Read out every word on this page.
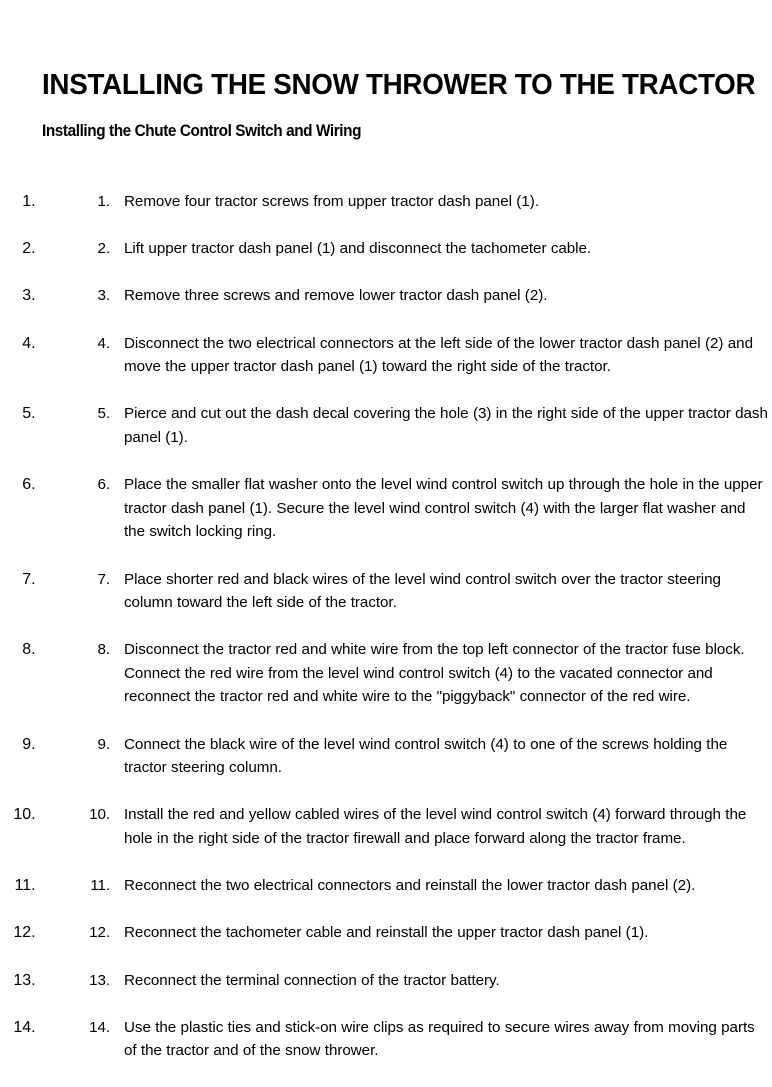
INSTALLING THE SNOW THROWER TO THE TRACTOR
Installing the Chute Control Switch and Wiring
1. 1. Remove four tractor screws from upper tractor dash panel (1).
2. 2. Lift upper tractor dash panel (1) and disconnect the tachometer cable.
3. 3. Remove three screws and remove lower tractor dash panel (2).
4. 4. Disconnect the two electrical connectors at the left side of the lower tractor dash panel (2) and move the upper tractor dash panel (1) toward the right side of the tractor.
5. 5. Pierce and cut out the dash decal covering the hole (3) in the right side of the upper tractor dash panel (1).
6. 6. Place the smaller flat washer onto the level wind control switch up through the hole in the upper tractor dash panel (1). Secure the level wind control switch (4) with the larger flat washer and the switch locking ring.
7. 7. Place shorter red and black wires of the level wind control switch over the tractor steering column toward the left side of the tractor.
8. 8. Disconnect the tractor red and white wire from the top left connector of the tractor fuse block. Connect the red wire from the level wind control switch (4) to the vacated connector and reconnect the tractor red and white wire to the "piggyback" connector of the red wire.
9. 9. Connect the black wire of the level wind control switch (4) to one of the screws holding the tractor steering column.
10. 10. Install the red and yellow cabled wires of the level wind control switch (4) forward through the hole in the right side of the tractor firewall and place forward along the tractor frame.
11. 11. Reconnect the two electrical connectors and reinstall the lower tractor dash panel (2).
12. 12. Reconnect the tachometer cable and reinstall the upper tractor dash panel (1).
13. 13. Reconnect the terminal connection of the tractor battery.
14. 14. Use the plastic ties and stick-on wire clips as required to secure wires away from moving parts of the tractor and of the snow thrower.
